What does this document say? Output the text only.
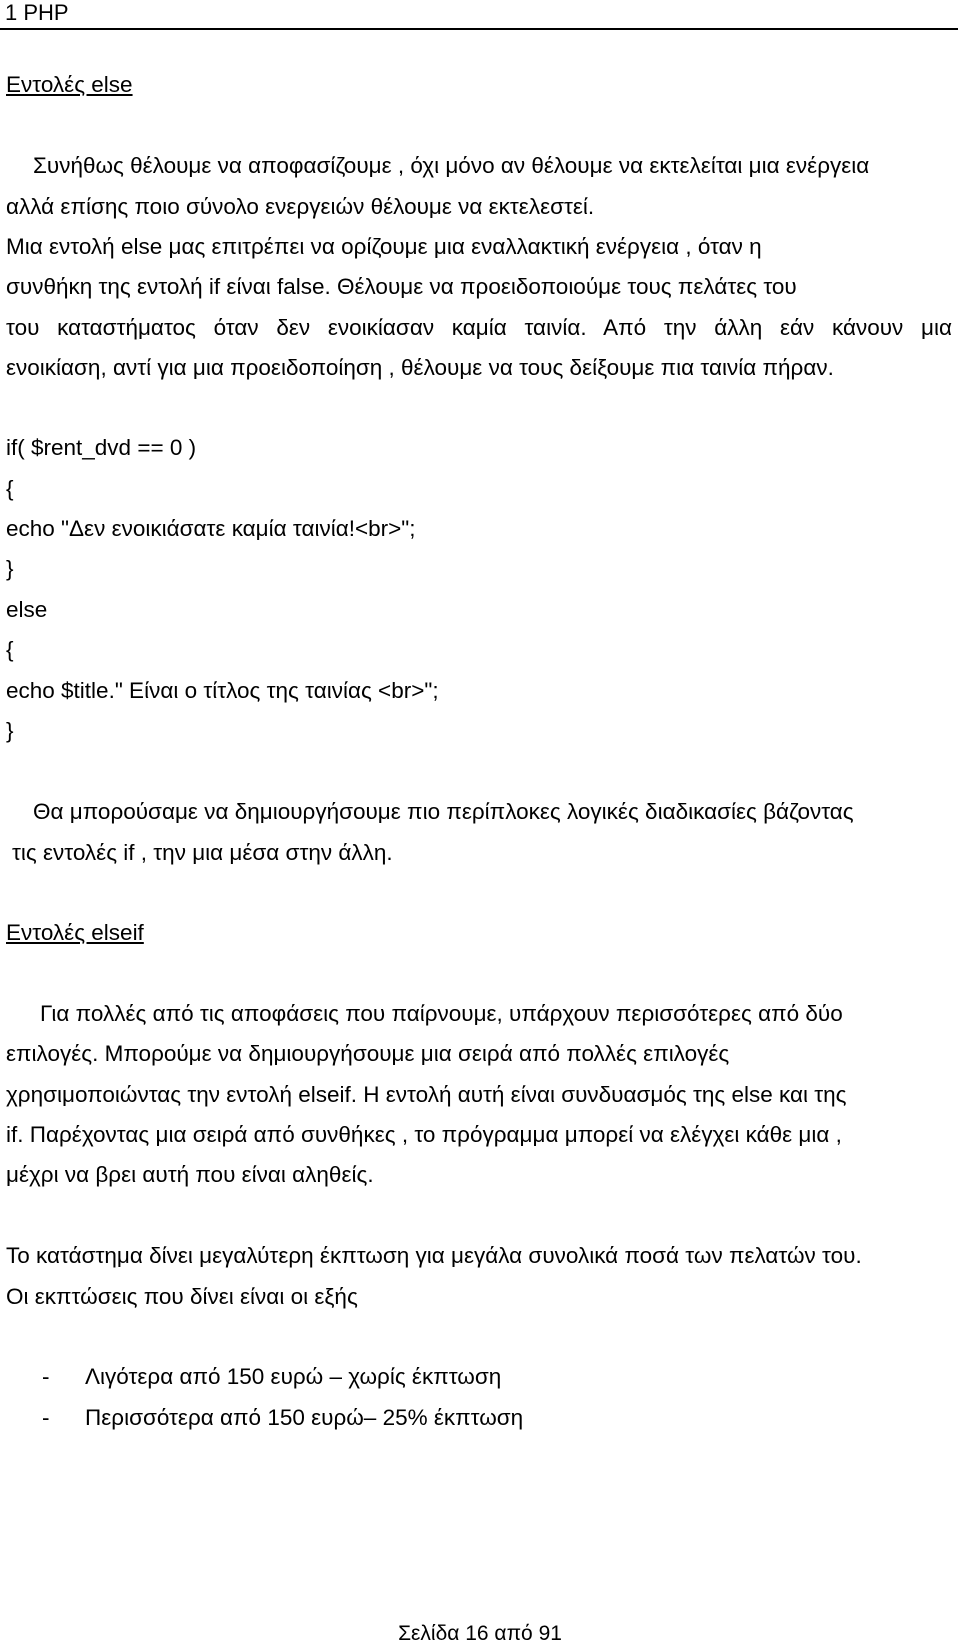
1 PHP
Εντολές else
Συνήθως θέλουμε να αποφασίζουμε , όχι μόνο αν θέλουμε να εκτελείται μια ενέργεια
αλλά επίσης ποιο σύνολο ενεργειών θέλουμε να εκτελεστεί.
Μια εντολή else μας επιτρέπει να ορίζουμε μια εναλλακτική ενέργεια , όταν η
συνθήκη της εντολή if είναι false. Θέλουμε να προειδοποιούμε τους πελάτες του
του καταστήματος όταν δεν ενοικίασαν καμία ταινία. Από την άλλη εάν κάνουν μια
ενοικίαση, αντί για μια προειδοποίηση , θέλουμε να τους δείξουμε πια ταινία πήραν.
if( $rent_dvd == 0 )
{
echo "Δεν ενοικιάσατε καμία ταινία!<br>";
}
else
{
echo $title." Είναι ο τίτλος της ταινίας <br>";
}
Θα μπορούσαμε να δημιουργήσουμε πιο περίπλοκες λογικές διαδικασίες βάζοντας
τις εντολές if , την μια μέσα στην άλλη.
Εντολές elseif
Για πολλές από τις αποφάσεις που παίρνουμε, υπάρχουν περισσότερες από δύο
επιλογές. Μπορούμε να δημιουργήσουμε μια σειρά από πολλές επιλογές
χρησιμοποιώντας την εντολή elseif. Η εντολή αυτή είναι συνδυασμός της else και της
if. Παρέχοντας μια σειρά από συνθήκες , το πρόγραμμα μπορεί να ελέγχει κάθε μια ,
μέχρι να βρει αυτή που είναι αληθείς.
Το κατάστημα δίνει μεγαλύτερη έκπτωση για μεγάλα συνολικά ποσά των πελατών του.
Οι εκπτώσεις που δίνει είναι οι εξής
- Λιγότερα από 150 ευρώ – χωρίς έκπτωση
- Περισσότερα από 150 ευρώ– 25% έκπτωση
Σελίδα 16 από 91
